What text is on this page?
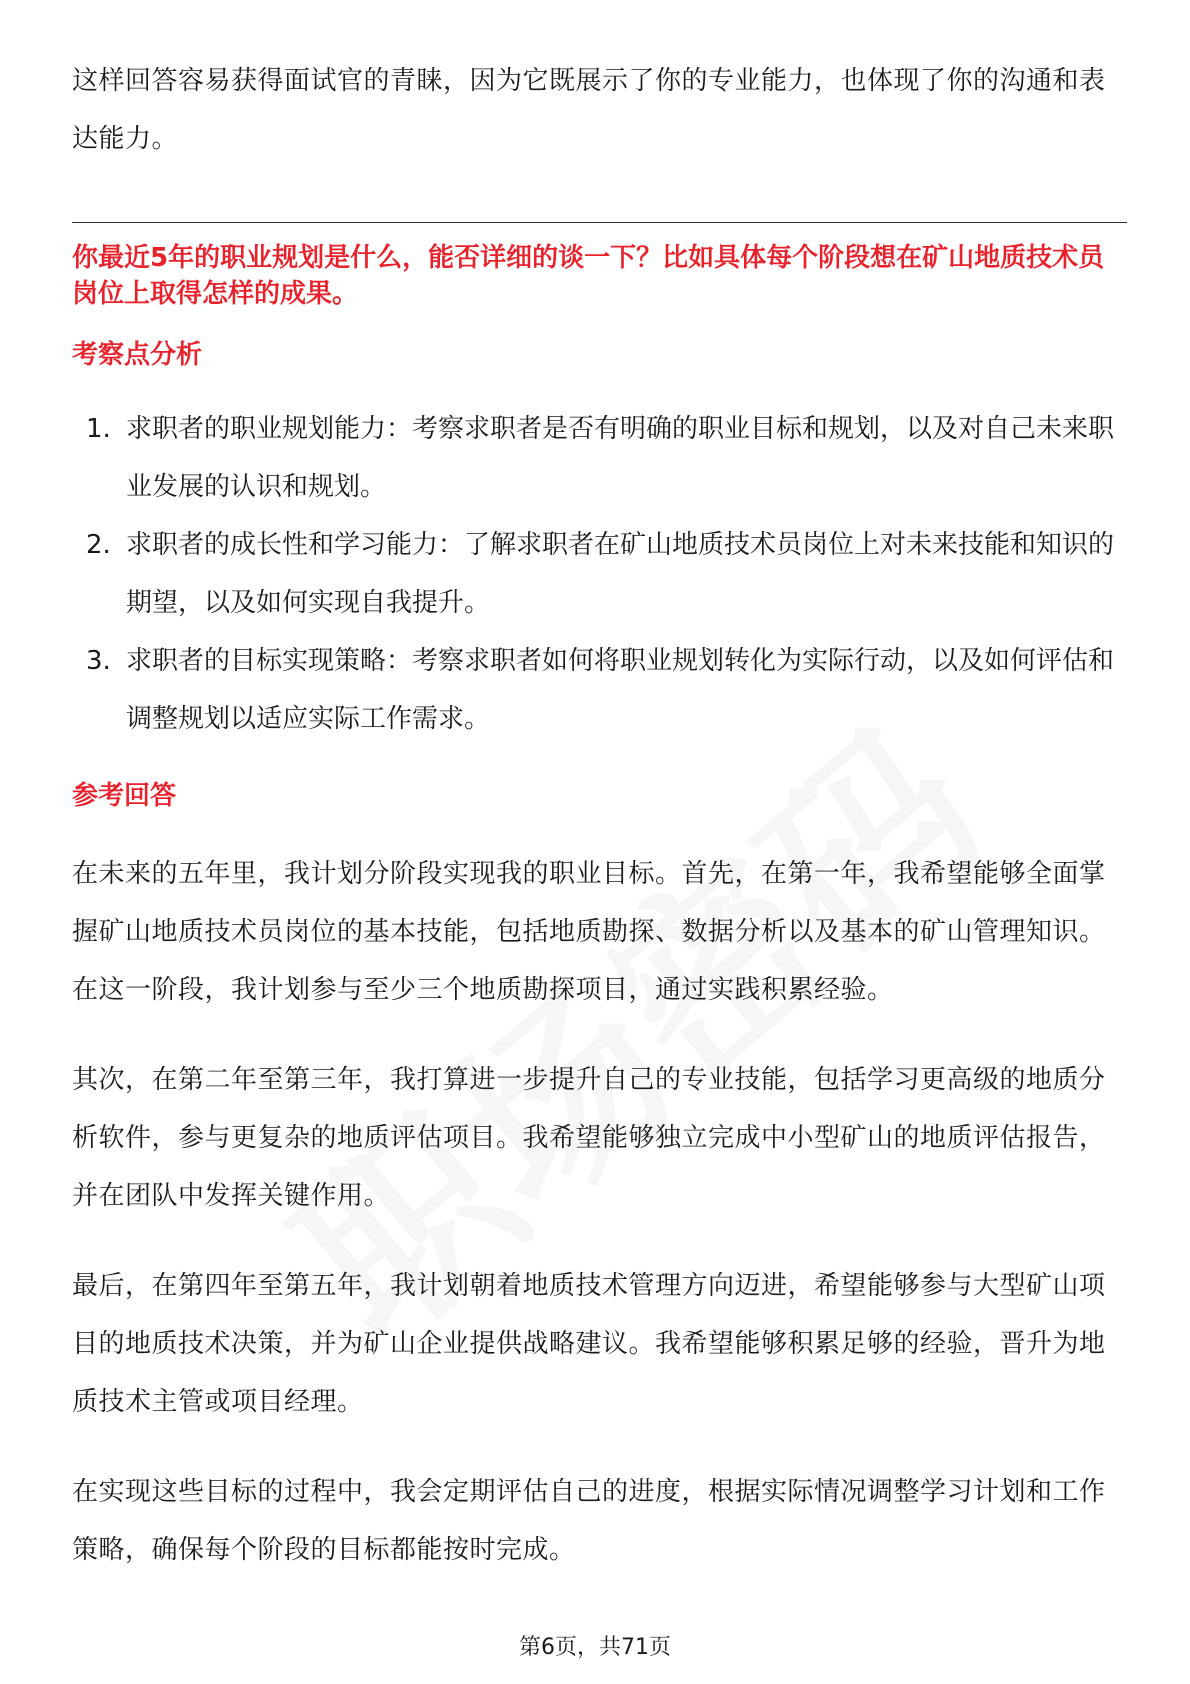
这样回答容易获得面试官的青睐，因为它既展示了你的专业能力，也体现了你的沟通和表达能力。

你最近5年的职业规划是什么，能否详细的谈一下？比如具体每个阶段想在矿山地质技术员岗位上取得怎样的成果。

考察点分析

1. 求职者的职业规划能力：考察求职者是否有明确的职业目标和规划，以及对自己未来职业发展的认识和规划。
2. 求职者的成长性和学习能力：了解求职者在矿山地质技术员岗位上对未来技能和知识的期望，以及如何实现自我提升。
3. 求职者的目标实现策略：考察求职者如何将职业规划转化为实际行动，以及如何评估和调整规划以适应实际工作需求。

参考回答

在未来的五年里，我计划分阶段实现我的职业目标。首先，在第一年，我希望能够全面掌握矿山地质技术员岗位的基本技能，包括地质勘探、数据分析以及基本的矿山管理知识。在这一阶段，我计划参与至少三个地质勘探项目，通过实践积累经验。

其次，在第二年至第三年，我打算进一步提升自己的专业技能，包括学习更高级的地质分析软件，参与更复杂的地质评估项目。我希望能够独立完成中小型矿山的地质评估报告，并在团队中发挥关键作用。

最后，在第四年至第五年，我计划朝着地质技术管理方向迈进，希望能够参与大型矿山项目的地质技术决策，并为矿山企业提供战略建议。我希望能够积累足够的经验，晋升为地质技术主管或项目经理。

在实现这些目标的过程中，我会定期评估自己的进度，根据实际情况调整学习计划和工作策略，确保每个阶段的目标都能按时完成。

第6页，共71页
